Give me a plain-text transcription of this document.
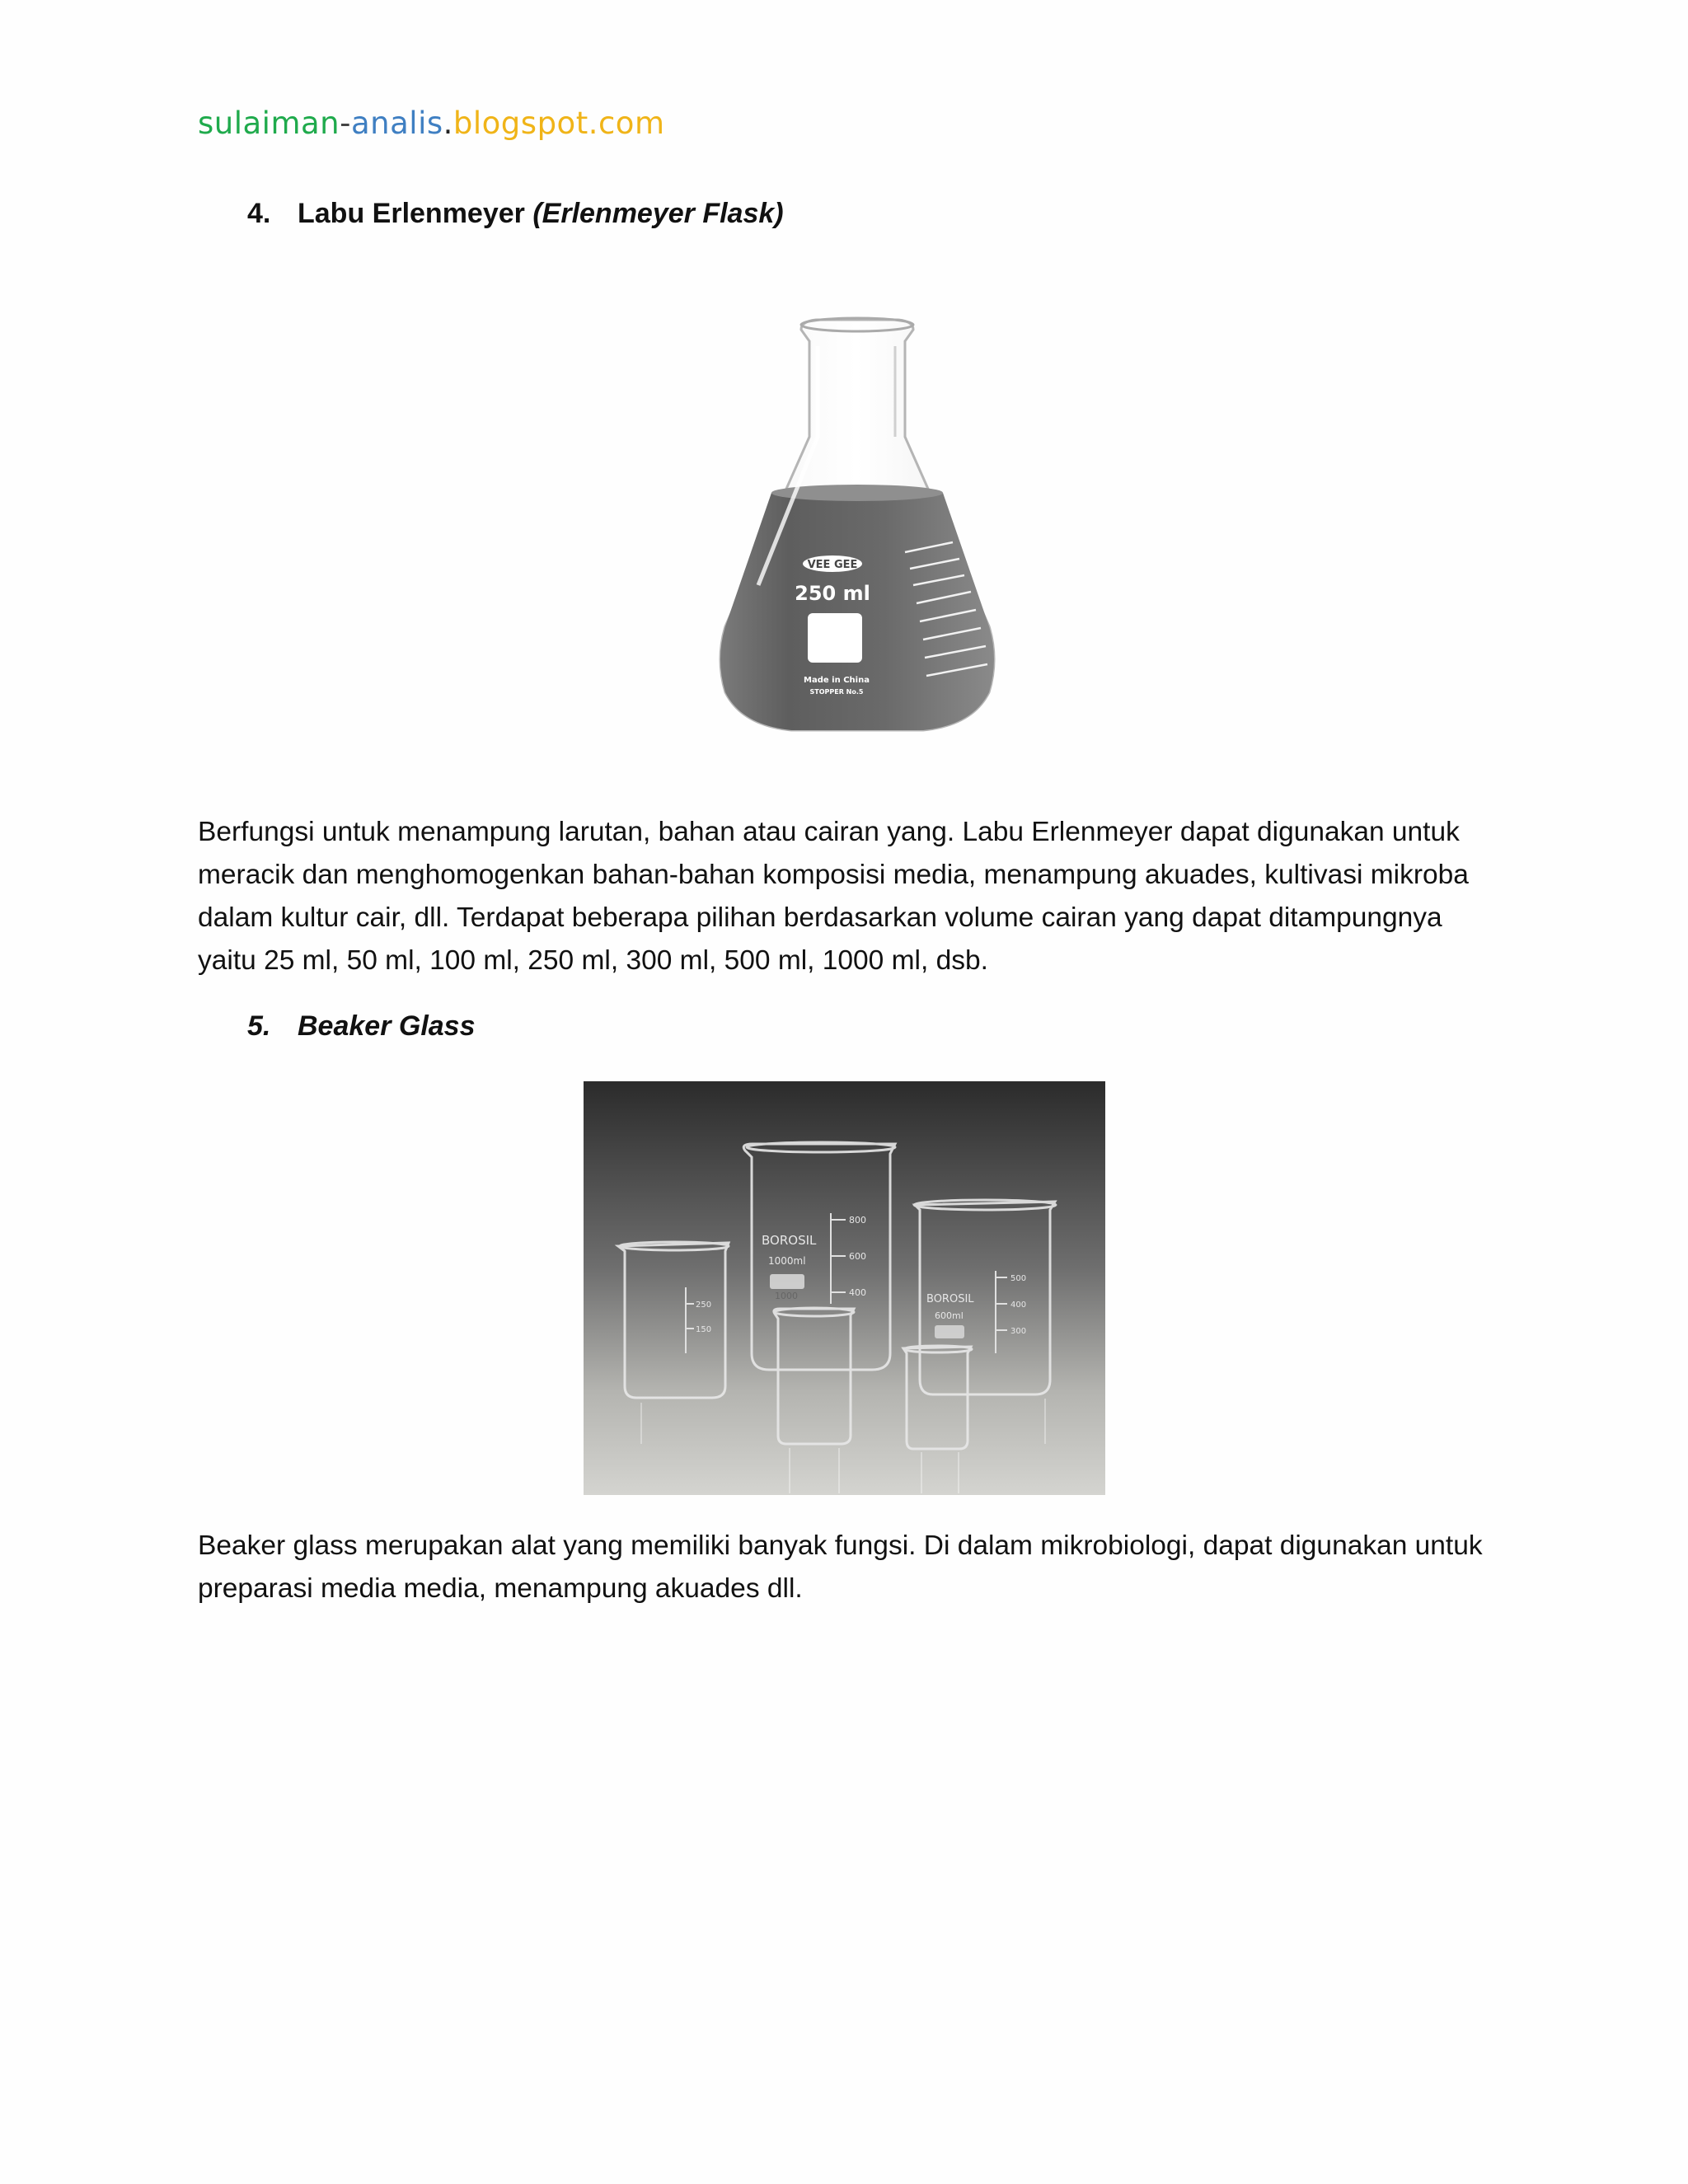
sulaiman-analis.blogspot.com
4. Labu Erlenmeyer (Erlenmeyer Flask)
VEE GEE
250 ml
Made in China
STOPPER No.5
Berfungsi untuk menampung larutan, bahan atau cairan yang. Labu Erlenmeyer dapat digunakan untuk
meracik dan menghomogenkan bahan-bahan komposisi media, menampung akuades, kultivasi mikroba
dalam kultur cair, dll. Terdapat beberapa pilihan berdasarkan volume cairan yang dapat ditampungnya
yaitu 25 ml, 50 ml, 100 ml, 250 ml, 300 ml, 500 ml, 1000 ml, dsb.
5. Beaker Glass
BOROSIL
1000ml
1000
800
600
400
BOROSIL
600ml
500
400
300
250
150
Beaker glass merupakan alat yang memiliki banyak fungsi. Di dalam mikrobiologi, dapat digunakan untuk
preparasi media media, menampung akuades dll.
